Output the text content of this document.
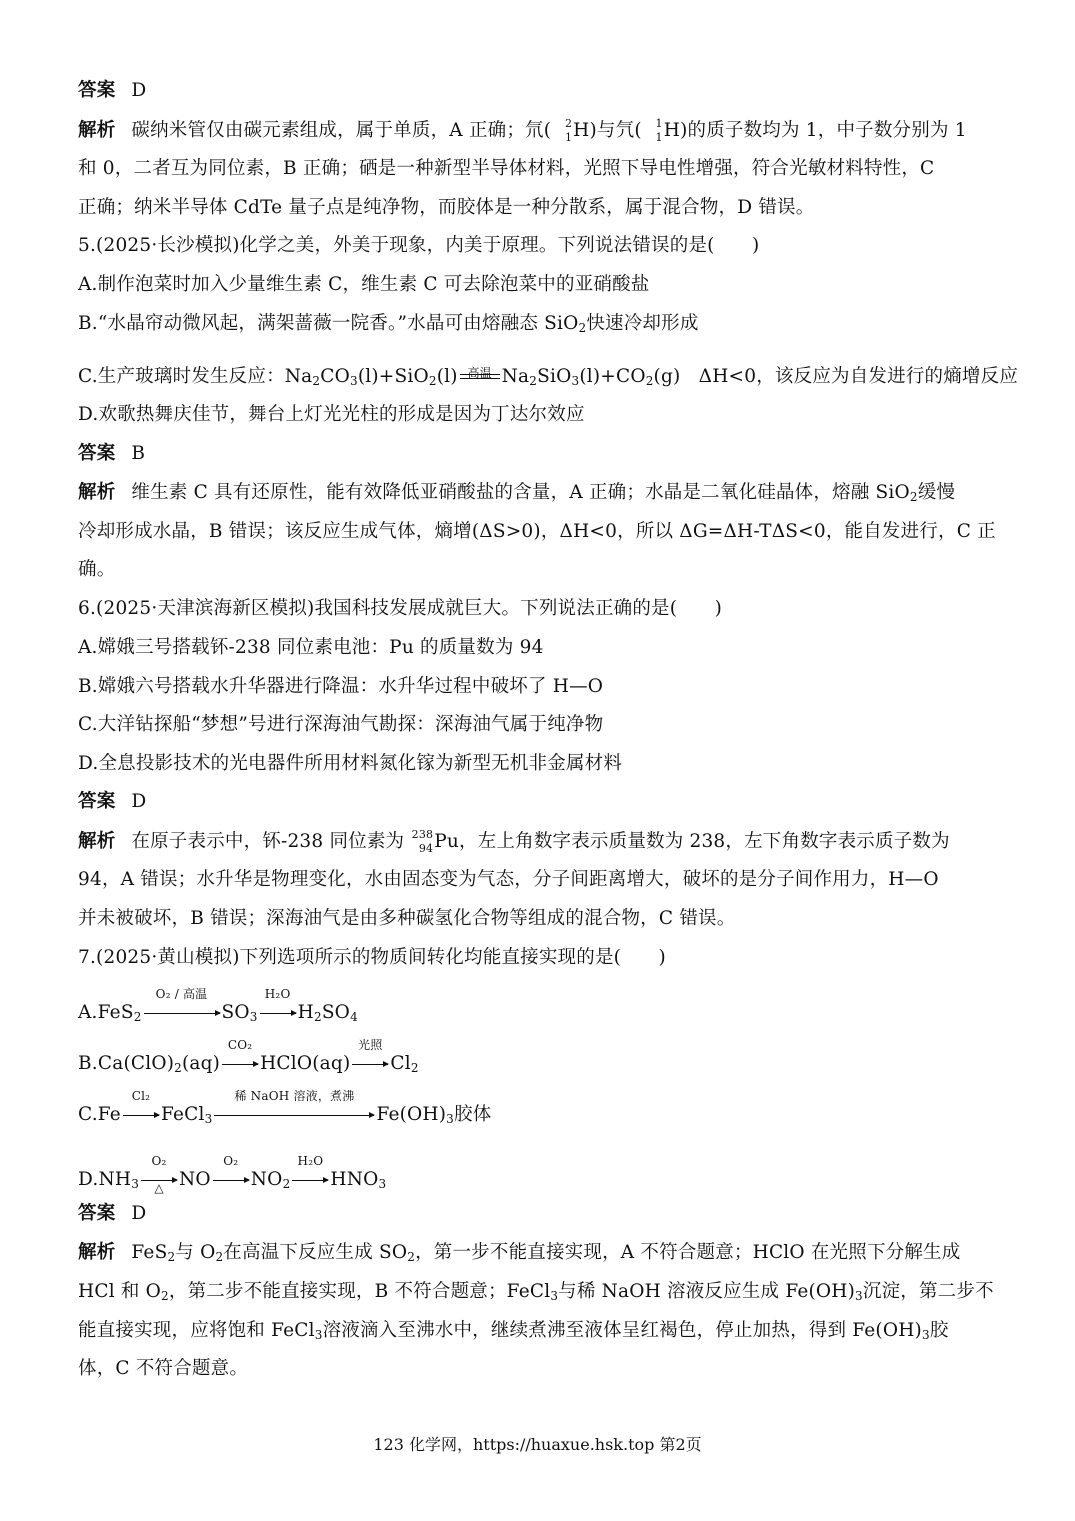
答案 D
解析 碳纳米管仅由碳元素组成，属于单质，A 正确；氘( 2
1 H)与氕( 1
1 H)的质子数均为 1，中子数分别为 1
和 0，二者互为同位素，B 正确；硒是一种新型半导体材料，光照下导电性增强，符合光敏材料特性，C
正确；纳米半导体 CdTe 量子点是纯净物，而胶体是一种分散系，属于混合物，D 错误。
5.(2025·长沙模拟)化学之美，外美于现象，内美于原理。下列说法错误的是(　　)
A.制作泡菜时加入少量维生素 C，维生素 C 可去除泡菜中的亚硝酸盐
B.“水晶帘动微风起，满架蔷薇一院香。”水晶可由熔融态 SiO$_2$快速冷却形成
C.生产玻璃时发生反应：$Na_2CO_3(l)+SiO_2(l)$ 高温 $Na_2SiO_3(l)+CO_2(g)$   ΔH<0，该反应为自发进行的熵增反应
D.欢歌热舞庆佳节，舞台上灯光光柱的形成是因为丁达尔效应
答案 B
解析 维生素 C 具有还原性，能有效降低亚硝酸盐的含量，A 正确；水晶是二氧化硅晶体，熔融 SiO$_2$缓慢
冷却形成水晶，B 错误；该反应生成气体，熵增(ΔS>0)，ΔH<0，所以 ΔG=ΔH-TΔS<0，能自发进行，C 正
确。
6.(2025·天津滨海新区模拟)我国科技发展成就巨大。下列说法正确的是(　　)
A.嫦娥三号搭载钚-238 同位素电池：Pu 的质量数为 94
B.嫦娥六号搭载水升华器进行降温：水升华过程中破坏了 H—O
C.大洋钻探船“梦想”号进行深海油气勘探：深海油气属于纯净物
D.全息投影技术的光电器件所用材料氮化镓为新型无机非金属材料
答案 D
解析 在原子表示中，钚-238 同位素为 238
94 Pu，左上角数字表示质量数为 238，左下角数字表示质子数为
94，A 错误；水升华是物理变化，水由固态变为气态，分子间距离增大，破坏的是分子间作用力，H—O
并未被破坏，B 错误；深海油气是由多种碳氢化合物等组成的混合物，C 错误。
7.(2025·黄山模拟)下列选项所示的物质间转化均能直接实现的是(　　)
A.FeS$_2$
O₂ / 高温
$SO_3$
H₂O
$H_2SO_4$
$B.Ca(ClO)_2(aq)$
CO₂
HClO(aq)
光照
$Cl_2$
C.Fe
Cl₂
FeCl$_3$
稀 NaOH 溶液，煮沸
$Fe(OH)_3$胶体
$D.NH_3$
O₂
△ NO
O₂
$NO_2$
H₂O
$HNO_3$
答案 D
解析 FeS$_2$与 $O_2$在高温下反应生成 $SO_2$，第一步不能直接实现，A 不符合题意；HClO 在光照下分解生成
HCl 和 $O_2$，第二步不能直接实现，B 不符合题意；FeCl$_3$与稀 NaOH 溶液反应生成 $Fe(OH)_3$沉淀，第二步不
能直接实现，应将饱和 FeCl$_3$溶液滴入至沸水中，继续煮沸至液体呈红褐色，停止加热，得到 $Fe(OH)_3$胶
体，C 不符合题意。
123 化学网，https://huaxue.hsk.top 第2页
